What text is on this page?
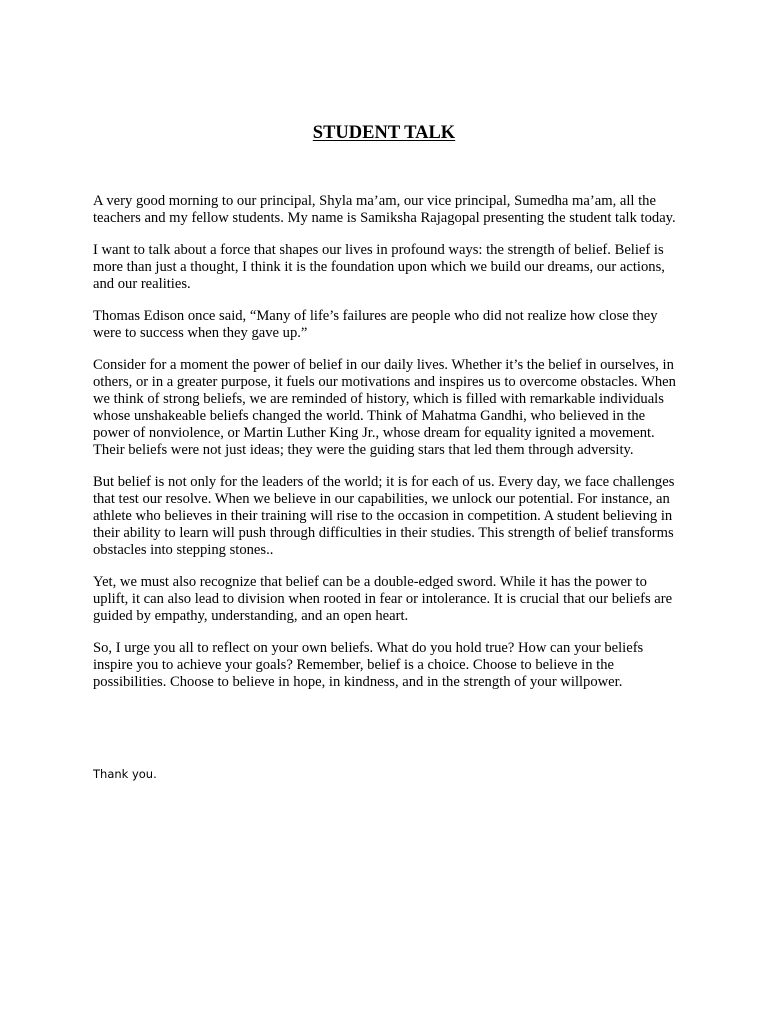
STUDENT TALK

A very good morning to our principal, Shyla ma’am, our vice principal, Sumedha ma’am, all the teachers and my fellow students. My name is Samiksha Rajagopal presenting the student talk today.

I want to talk about a force that shapes our lives in profound ways: the strength of belief. Belief is more than just a thought, I think it is the foundation upon which we build our dreams, our actions, and our realities.

Thomas Edison once said, “Many of life’s failures are people who did not realize how close they were to success when they gave up.”

Consider for a moment the power of belief in our daily lives. Whether it’s the belief in ourselves, in others, or in a greater purpose, it fuels our motivations and inspires us to overcome obstacles. When we think of strong beliefs, we are reminded of history, which is filled with remarkable individuals whose unshakeable beliefs changed the world. Think of Mahatma Gandhi, who believed in the power of nonviolence, or Martin Luther King Jr., whose dream for equality ignited a movement. Their beliefs were not just ideas; they were the guiding stars that led them through adversity.

But belief is not only for the leaders of the world; it is for each of us. Every day, we face challenges that test our resolve. When we believe in our capabilities, we unlock our potential. For instance, an athlete who believes in their training will rise to the occasion in competition. A student believing in their ability to learn will push through difficulties in their studies. This strength of belief transforms obstacles into stepping stones..

Yet, we must also recognize that belief can be a double-edged sword. While it has the power to uplift, it can also lead to division when rooted in fear or intolerance. It is crucial that our beliefs are guided by empathy, understanding, and an open heart.

So, I urge you all to reflect on your own beliefs. What do you hold true? How can your beliefs inspire you to achieve your goals? Remember, belief is a choice. Choose to believe in the possibilities. Choose to believe in hope, in kindness, and in the strength of your willpower.

Thank you.
